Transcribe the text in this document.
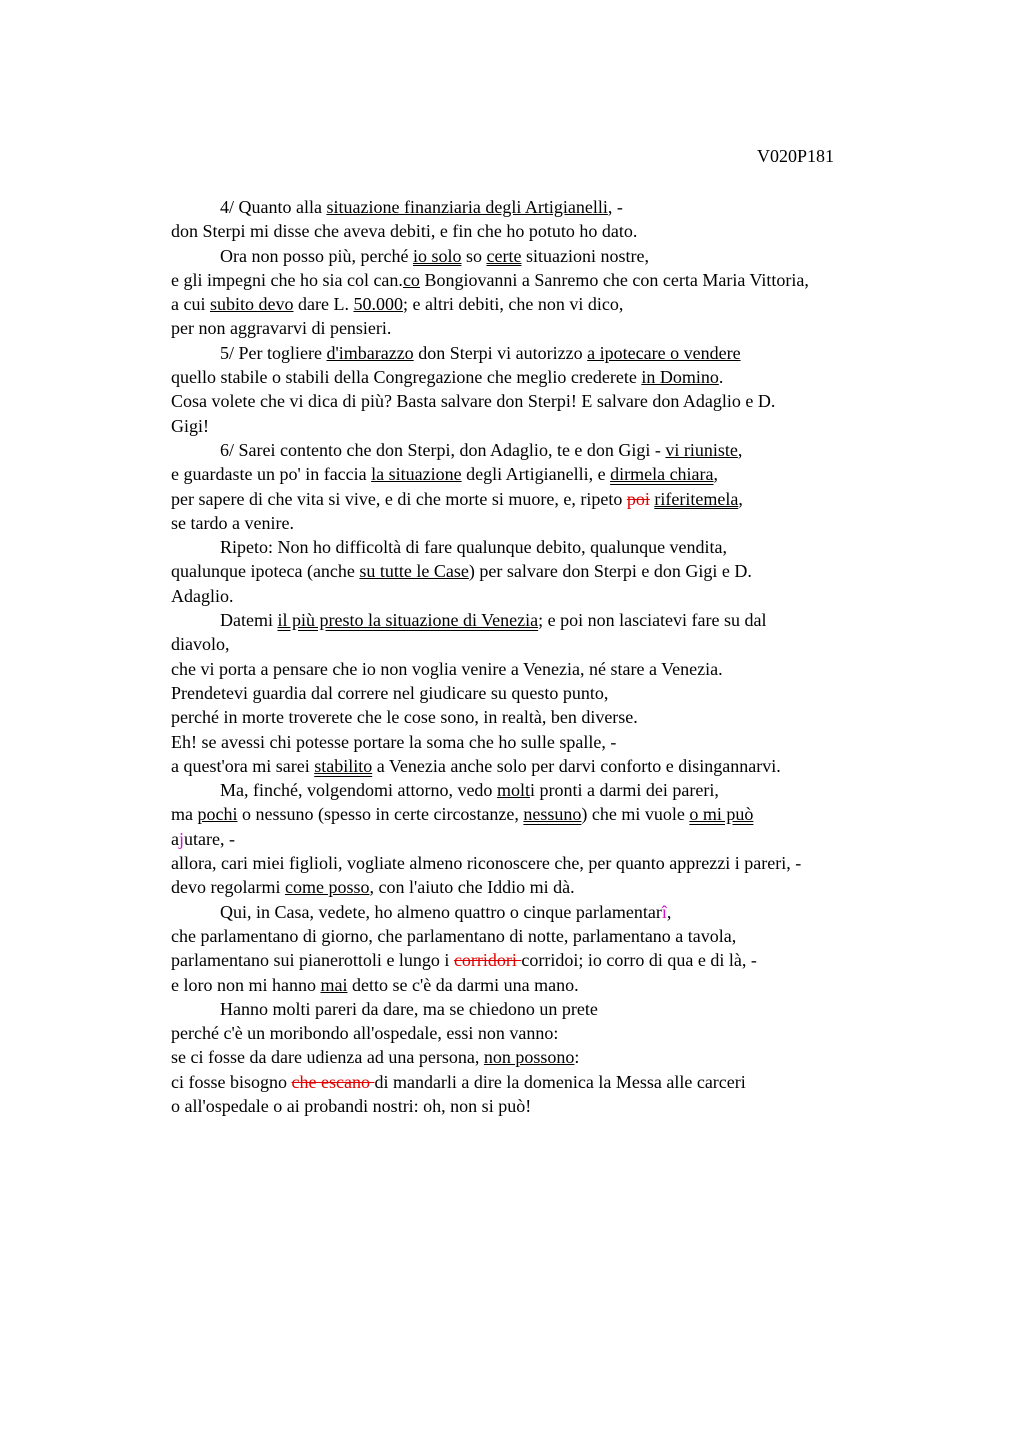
V020P181
4/ Quanto alla situazione finanziaria degli Artigianelli, -
don Sterpi mi disse che aveva debiti, e fin che ho potuto ho dato.
Ora non posso più, perché io solo so certe situazioni nostre,
e gli impegni che ho sia col can.co Bongiovanni a Sanremo che con certa Maria Vittoria,
a cui subito devo dare L. 50.000; e altri debiti, che non vi dico,
per non aggravarvi di pensieri.
5/ Per togliere d'imbarazzo don Sterpi vi autorizzo a ipotecare o vendere
quello stabile o stabili della Congregazione che meglio crederete in Domino.
Cosa volete che vi dica di più? Basta salvare don Sterpi! E salvare don Adaglio e D.
Gigi!
6/ Sarei contento che don Sterpi, don Adaglio, te e don Gigi - vi riuniste,
e guardaste un po' in faccia la situazione degli Artigianelli, e dirmela chiara,
per sapere di che vita si vive, e di che morte si muore, e, ripeto poi riferitemela,
se tardo a venire.
Ripeto: Non ho difficoltà di fare qualunque debito, qualunque vendita,
qualunque ipoteca (anche su tutte le Case) per salvare don Sterpi e don Gigi e D.
Adaglio.
Datemi il più presto la situazione di Venezia; e poi non lasciatevi fare su dal
diavolo,
che vi porta a pensare che io non voglia venire a Venezia, né stare a Venezia.
Prendetevi guardia dal correre nel giudicare su questo punto,
perché in morte troverete che le cose sono, in realtà, ben diverse.
Eh! se avessi chi potesse portare la soma che ho sulle spalle, -
a quest'ora mi sarei stabilito a Venezia anche solo per darvi conforto e disingannarvi.
Ma, finché, volgendomi attorno, vedo molti pronti a darmi dei pareri,
ma pochi o nessuno (spesso in certe circostanze, nessuno) che mi vuole o mi può
ajutare, -
allora, cari miei figlioli, vogliate almeno riconoscere che, per quanto apprezzi i pareri, -
devo regolarmi come posso, con l'aiuto che Iddio mi dà.
Qui, in Casa, vedete, ho almeno quattro o cinque parlamentarî,
che parlamentano di giorno, che parlamentano di notte, parlamentano a tavola,
parlamentano sui pianerottoli e lungo i corridori corridoi; io corro di qua e di là, -
e loro non mi hanno mai detto se c'è da darmi una mano.
Hanno molti pareri da dare, ma se chiedono un prete
perché c'è un moribondo all'ospedale, essi non vanno:
se ci fosse da dare udienza ad una persona, non possono:
ci fosse bisogno che escano di mandarli a dire la domenica la Messa alle carceri
o all'ospedale o ai probandi nostri: oh, non si può!
